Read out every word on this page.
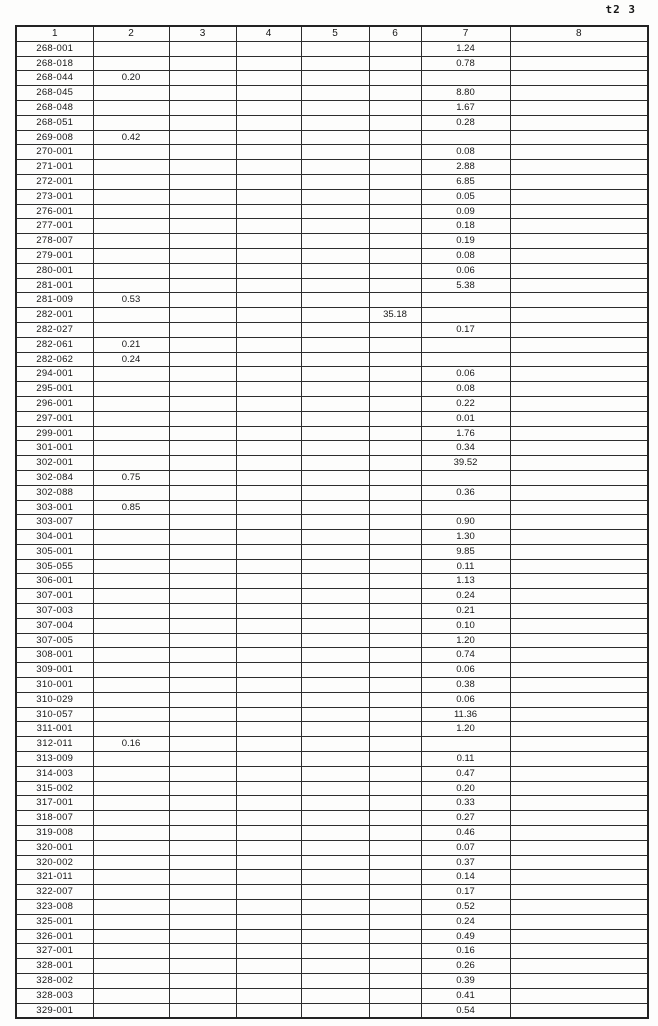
t2 3
1	2	3	4	5	6	7	8
268-001						1.24	
268-018						0.78	
268-044	0.20						
268-045						8.80	
268-048						1.67	
268-051						0.28	
269-008	0.42						
270-001						0.08	
271-001						2.88	
272-001						6.85	
273-001						0.05	
276-001						0.09	
277-001						0.18	
278-007						0.19	
279-001						0.08	
280-001						0.06	
281-001						5.38	
281-009	0.53						
282-001					35.18		
282-027						0.17	
282-061	0.21						
282-062	0.24						
294-001						0.06	
295-001						0.08	
296-001						0.22	
297-001						0.01	
299-001						1.76	
301-001						0.34	
302-001						39.52	
302-084	0.75						
302-088						0.36	
303-001	0.85						
303-007						0.90	
304-001						1.30	
305-001						9.85	
305-055						0.11	
306-001						1.13	
307-001						0.24	
307-003						0.21	
307-004						0.10	
307-005						1.20	
308-001						0.74	
309-001						0.06	
310-001						0.38	
310-029						0.06	
310-057						11.36	
311-001						1.20	
312-011	0.16						
313-009						0.11	
314-003						0.47	
315-002						0.20	
317-001						0.33	
318-007						0.27	
319-008						0.46	
320-001						0.07	
320-002						0.37	
321-011						0.14	
322-007						0.17	
323-008						0.52	
325-001						0.24	
326-001						0.49	
327-001						0.16	
328-001						0.26	
328-002						0.39	
328-003						0.41	
329-001						0.54	
